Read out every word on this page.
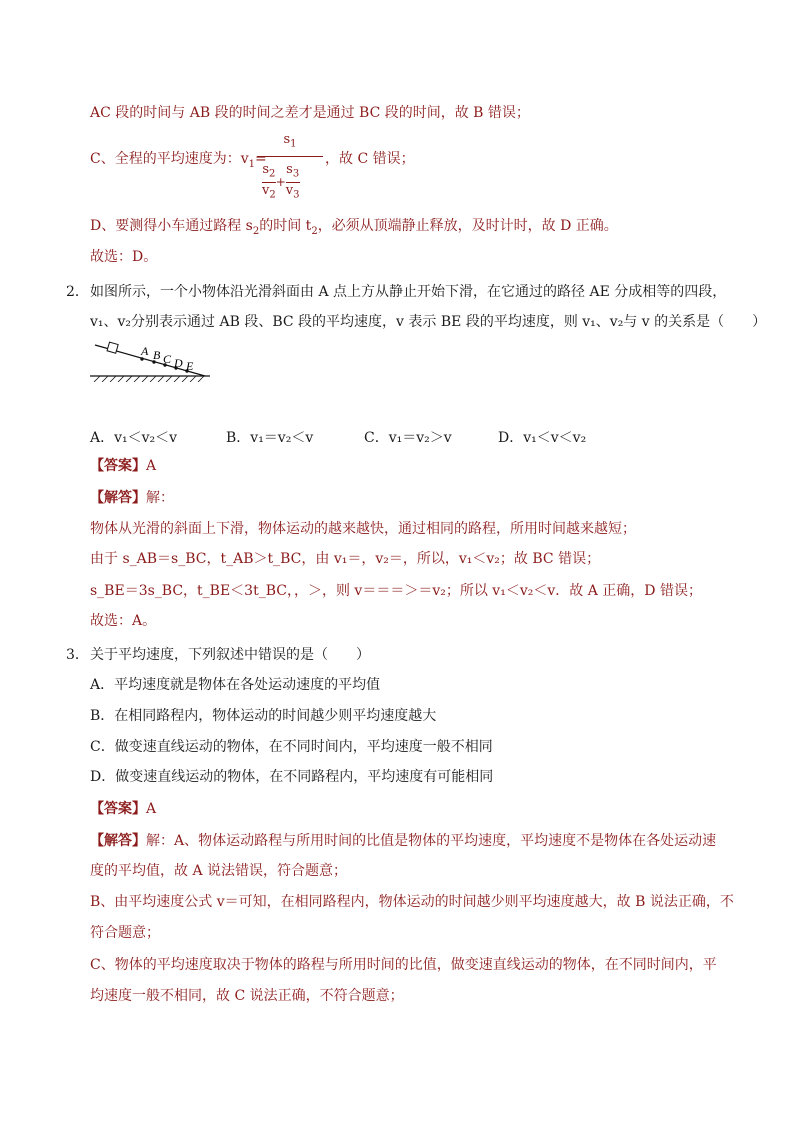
AC 段的时间与 AB 段的时间之差才是通过 BC 段的时间，故 B 错误；
C、全程的平均速度为：$v_1=$
$s_1$
$\frac{s_2}{v_2} + \frac{s_3}{v_3}$
，故 C 错误；
D、要测得小车通过路程 $s_2$的时间 $t_2$，必须从顶端静止释放，及时计时，故 D 正确。
故选：D。
2． 如图所示，一个小物体沿光滑斜面由 A 点上方从静止开始下滑，在它通过的路径 AE 分成相等的四段，
v₁、v₂分别表示通过 AB 段、BC 段的平均速度，v 表示 BE 段的平均速度，则 v₁、v₂与 v 的关系是（　　）
A B C D E
A．v₁＜v₂＜v	B．v₁＝v₂＜v	C．v₁＝v₂＞v	D．v₁＜v＜v₂
【答案】A
【解答】解：
物体从光滑的斜面上下滑，物体运动的越来越快，通过相同的路程，所用时间越来越短；
由于 s_AB＝s_BC，t_AB＞t_BC，由 v₁＝，v₂＝，所以，v₁＜v₂；故 BC 错误；
s_BE＝3s_BC，t_BE＜3t_BC，，＞，则 v＝＝＝＞＝v₂；所以 v₁＜v₂＜v．故 A 正确，D 错误；
故选：A。
3． 关于平均速度，下列叙述中错误的是（　　）
A．平均速度就是物体在各处运动速度的平均值
B．在相同路程内，物体运动的时间越少则平均速度越大
C．做变速直线运动的物体，在不同时间内，平均速度一般不相同
D．做变速直线运动的物体，在不同路程内，平均速度有可能相同
【答案】A
【解答】解：A、物体运动路程与所用时间的比值是物体的平均速度，平均速度不是物体在各处运动速
度的平均值，故 A 说法错误，符合题意；
B、由平均速度公式 v＝可知，在相同路程内，物体运动的时间越少则平均速度越大，故 B 说法正确，不
符合题意；
C、物体的平均速度取决于物体的路程与所用时间的比值，做变速直线运动的物体，在不同时间内，平
均速度一般不相同，故 C 说法正确，不符合题意；
